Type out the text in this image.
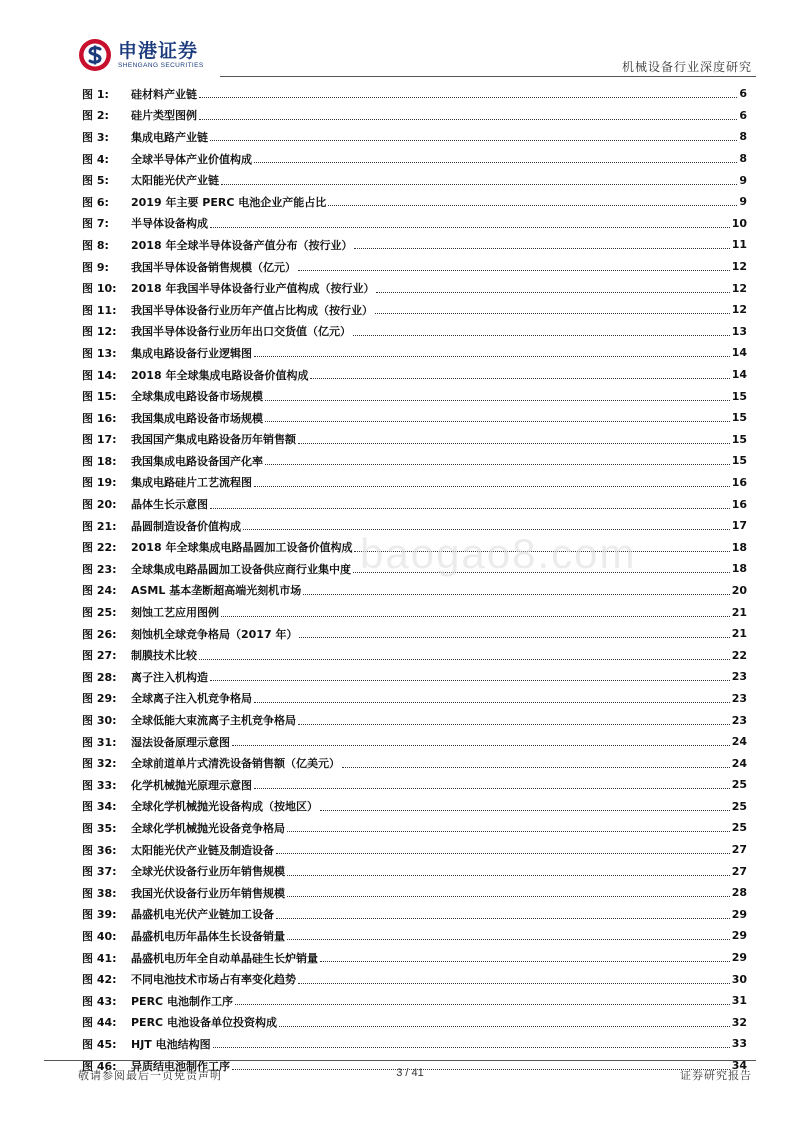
申港证券
SHENGANG SECURITIES	机械设备行业深度研究
图 1:	硅材料产业链	6
图 2:	硅片类型图例	6
图 3:	集成电路产业链	8
图 4:	全球半导体产业价值构成	8
图 5:	太阳能光伏产业链	9
图 6:	2019 年主要 PERC 电池企业产能占比	9
图 7:	半导体设备构成	10
图 8:	2018 年全球半导体设备产值分布（按行业）	11
图 9:	我国半导体设备销售规模（亿元）	12
图 10:	2018 年我国半导体设备行业产值构成（按行业）	12
图 11:	我国半导体设备行业历年产值占比构成（按行业）	12
图 12:	我国半导体设备行业历年出口交货值（亿元）	13
图 13:	集成电路设备行业逻辑图	14
图 14:	2018 年全球集成电路设备价值构成	14
图 15:	全球集成电路设备市场规模	15
图 16:	我国集成电路设备市场规模	15
图 17:	我国国产集成电路设备历年销售额	15
图 18:	我国集成电路设备国产化率	15
图 19:	集成电路硅片工艺流程图	16
图 20:	晶体生长示意图	16
图 21:	晶圆制造设备价值构成	17
图 22:	2018 年全球集成电路晶圆加工设备价值构成	18
图 23:	全球集成电路晶圆加工设备供应商行业集中度	18
图 24:	ASML 基本垄断超高端光刻机市场	20
图 25:	刻蚀工艺应用图例	21
图 26:	刻蚀机全球竞争格局（2017 年）	21
图 27:	制膜技术比较	22
图 28:	离子注入机构造	23
图 29:	全球离子注入机竞争格局	23
图 30:	全球低能大束流离子主机竞争格局	23
图 31:	湿法设备原理示意图	24
图 32:	全球前道单片式清洗设备销售额（亿美元）	24
图 33:	化学机械抛光原理示意图	25
图 34:	全球化学机械抛光设备构成（按地区）	25
图 35:	全球化学机械抛光设备竞争格局	25
图 36:	太阳能光伏产业链及制造设备	27
图 37:	全球光伏设备行业历年销售规模	27
图 38:	我国光伏设备行业历年销售规模	28
图 39:	晶盛机电光伏产业链加工设备	29
图 40:	晶盛机电历年晶体生长设备销量	29
图 41:	晶盛机电历年全自动单晶硅生长炉销量	29
图 42:	不同电池技术市场占有率变化趋势	30
图 43:	PERC 电池制作工序	31
图 44:	PERC 电池设备单位投资构成	32
图 45:	HJT 电池结构图	33
图 46:	异质结电池制作工序	34
baogao8.com
敬请参阅最后一页免责声明	3 / 41	证券研究报告
